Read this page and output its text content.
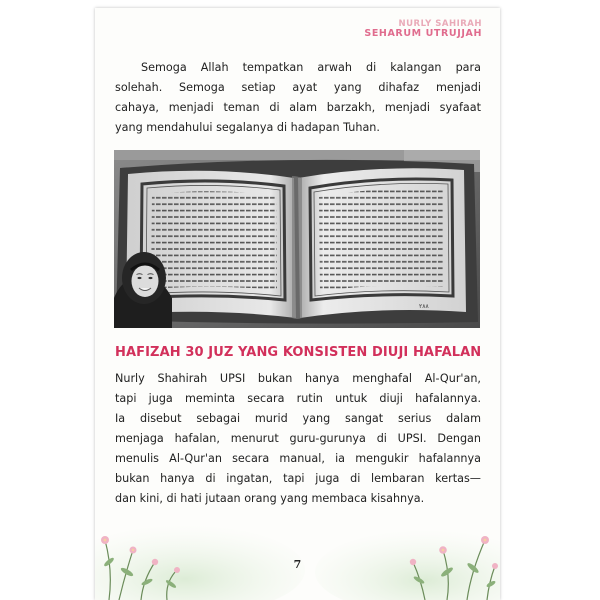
NURLY SAHIRAH
SEHARUM UTRUJJAH
Semoga Allah tempatkan arwah di kalangan para
solehah. Semoga setiap ayat yang dihafaz menjadi
cahaya, menjadi teman di alam barzakh, menjadi syafaat
yang mendahului segalanya di hadapan Tuhan.
٢٨٨
HAFIZAH 30 JUZ YANG KONSISTEN DIUJI HAFALAN
Nurly Shahirah UPSI bukan hanya menghafal Al-Qur'an,
tapi juga meminta secara rutin untuk diuji hafalannya.
Ia disebut sebagai murid yang sangat serius dalam
menjaga hafalan, menurut guru-gurunya di UPSI. Dengan
menulis Al-Qur'an secara manual, ia mengukir hafalannya
bukan hanya di ingatan, tapi juga di lembaran kertas—
dan kini, di hati jutaan orang yang membaca kisahnya.
7
